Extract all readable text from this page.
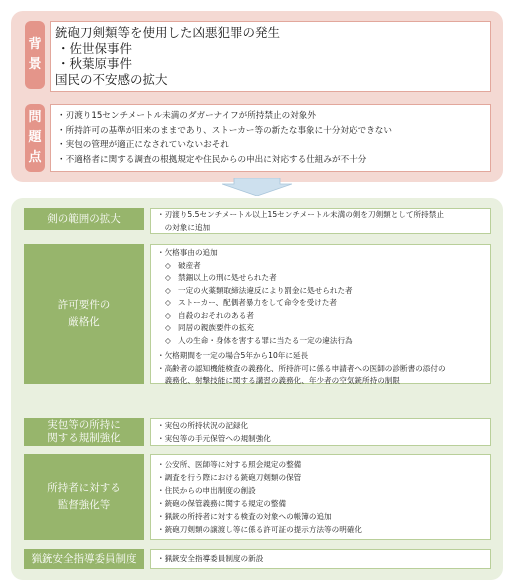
背
景
銃砲刀剣類等を使用した凶悪犯罪の発生
・佐世保事件
・秋葉原事件
国民の不安感の拡大
問
題
点
・刃渡り15センチメートル未満のダガーナイフが所持禁止の対象外
・所持許可の基準が旧来のままであり、ストーカー等の新たな事象に十分対応できない
・実包の管理が適正になされていないおそれ
・不適格者に関する調査の根拠規定や住民からの申出に対応する仕組みが不十分
剣の範囲の拡大	・刃渡り5.5センチメートル以上15センチメートル未満の剣を刀剣類として所持禁止
　の対象に追加
許可要件の
厳格化
・欠格事由の追加
◇ 破産者
◇ 禁錮以上の刑に処せられた者
◇ 一定の火薬類取締法違反により罰金に処せられた者
◇ ストーカー、配偶者暴力をして命令を受けた者
◇ 自殺のおそれのある者
◇ 同居の親族要件の拡充
◇ 人の生命・身体を害する罪に当たる一定の違法行為
・欠格期間を一定の場合5年から10年に延長
・高齢者の認知機能検査の義務化、所持許可に係る申請者への医師の診断書の添付の
　義務化、射撃技能に関する講習の義務化、年少者の空気銃所持の制限
実包等の所持に
関する規制強化
・実包の所持状況の記録化
・実包等の手元保管への規制強化
所持者に対する
監督強化等
・公安所、医師等に対する照会規定の整備
・調査を行う際における銃砲刀剣類の保管
・住民からの申出制度の創設
・銃砲の保管義務に関する規定の整備
・猟銃の所持者に対する検査の対象への帳簿の追加
・銃砲刀剣類の譲渡し等に係る許可証の提示方法等の明確化
猟銃安全指導委員制度	・猟銃安全指導委員制度の新設
